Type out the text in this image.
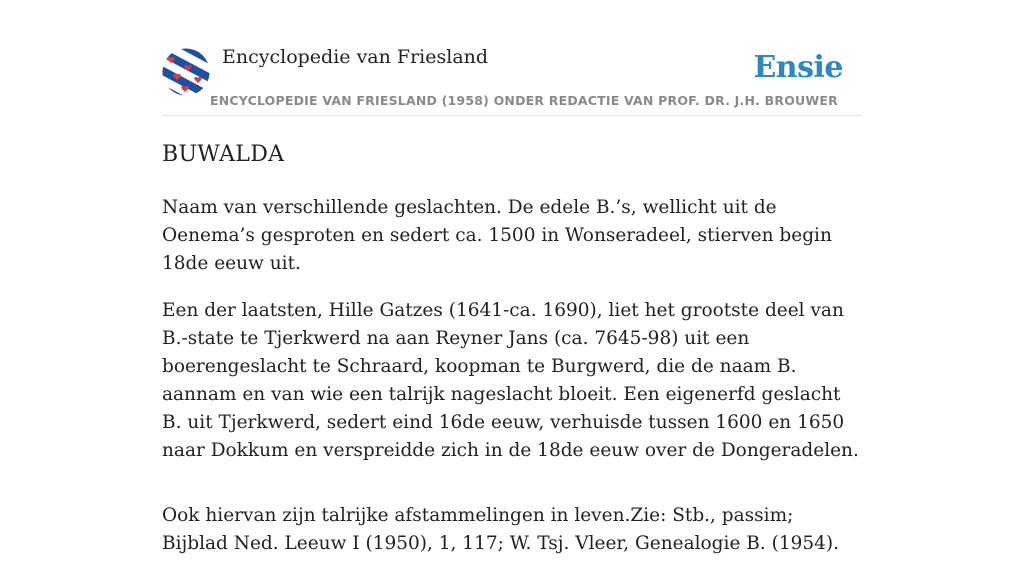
Encyclopedie van Friesland	Ensie
ENCYCLOPEDIE VAN FRIESLAND (1958) ONDER REDACTIE VAN PROF. DR. J.H. BROUWER
BUWALDA

Naam van verschillende geslachten. De edele B.’s, wellicht uit de Oenema’s gesproten en sedert ca. 1500 in Wonseradeel, stierven begin 18de eeuw uit.

Een der laatsten, Hille Gatzes (1641-ca. 1690), liet het grootste deel van B.-state te Tjerkwerd na aan Reyner Jans (ca. 7645-98) uit een boerengeslacht te Schraard, koopman te Burgwerd, die de naam B. aannam en van wie een talrijk nageslacht bloeit. Een eigenerfd geslacht B. uit Tjerkwerd, sedert eind 16de eeuw, verhuisde tussen 1600 en 1650 naar Dokkum en verspreidde zich in de 18de eeuw over de Dongeradelen.

Ook hiervan zijn talrijke afstammelingen in leven.Zie: Stb., passim; Bijblad Ned. Leeuw I (1950), 1, 117; W. Tsj. Vleer, Genealogie B. (1954).
